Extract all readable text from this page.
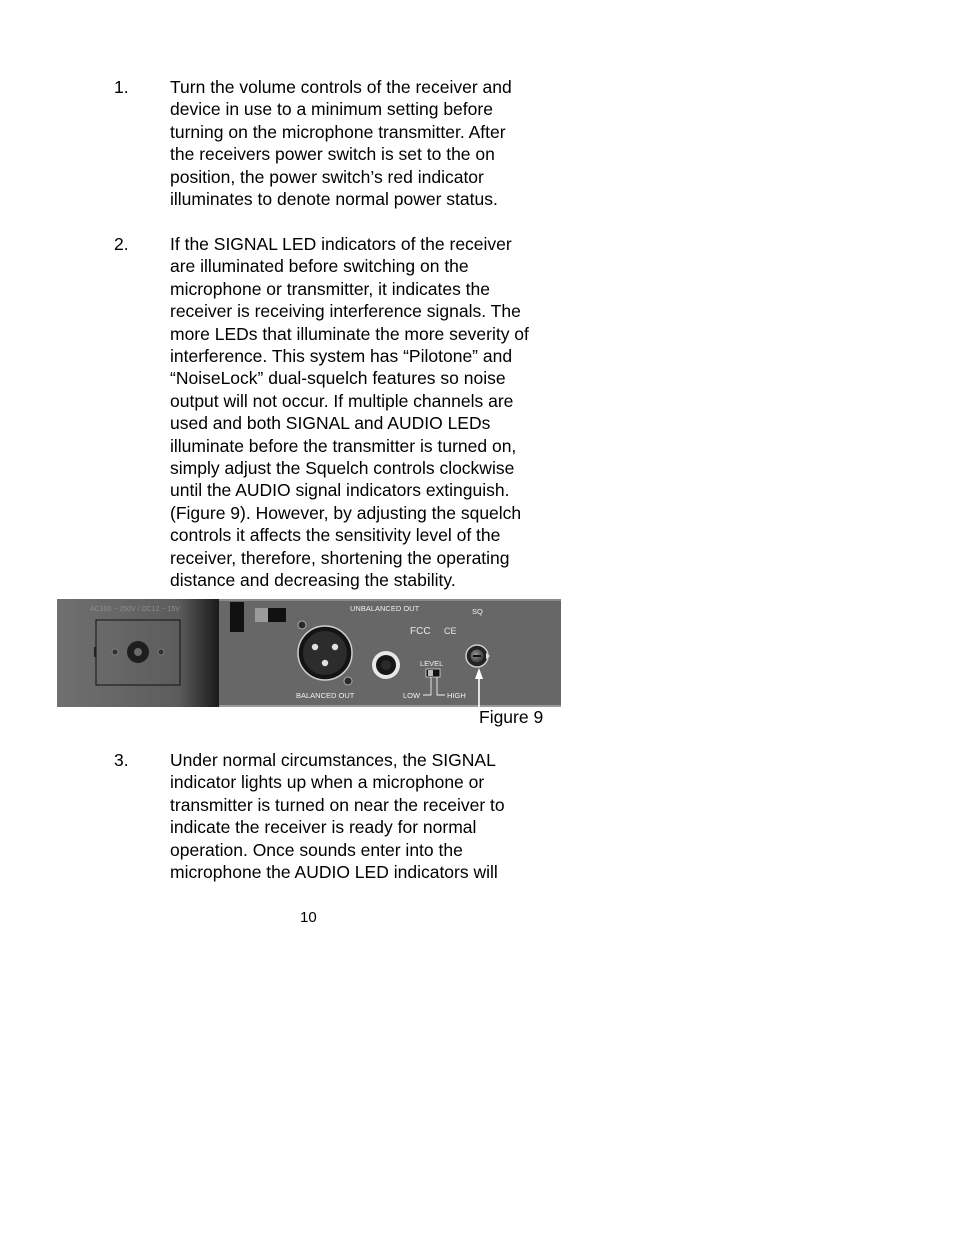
1. Turn the volume controls of the receiver and
device in use to a minimum setting before
turning on the microphone transmitter. After
the receivers power switch is set to the on
position, the power switch’s red indicator
illuminates to denote normal power status.
2. If the SIGNAL LED indicators of the receiver
are illuminated before switching on the
microphone or transmitter, it indicates the
receiver is receiving interference signals. The
more LEDs that illuminate the more severity of
interference. This system has “Pilotone” and
“NoiseLock” dual-squelch features so noise
output will not occur. If multiple channels are
used and both SIGNAL and AUDIO LEDs
illuminate before the transmitter is turned on,
simply adjust the Squelch controls clockwise
until the AUDIO signal indicators extinguish.
(Figure 9). However, by adjusting the squelch
controls it affects the sensitivity level of the
receiver, therefore, shortening the operating
distance and decreasing the stability.
AC100 ~ 250V / DC12 ~ 15V	UNBALANCED OUT	SQ
FCC CE
BALANCED OUT
LEVEL
LOW	HIGH
Figure 9
3. Under normal circumstances, the SIGNAL
indicator lights up when a microphone or
transmitter is turned on near the receiver to
indicate the receiver is ready for normal
operation. Once sounds enter into the
microphone the AUDIO LED indicators will
10
